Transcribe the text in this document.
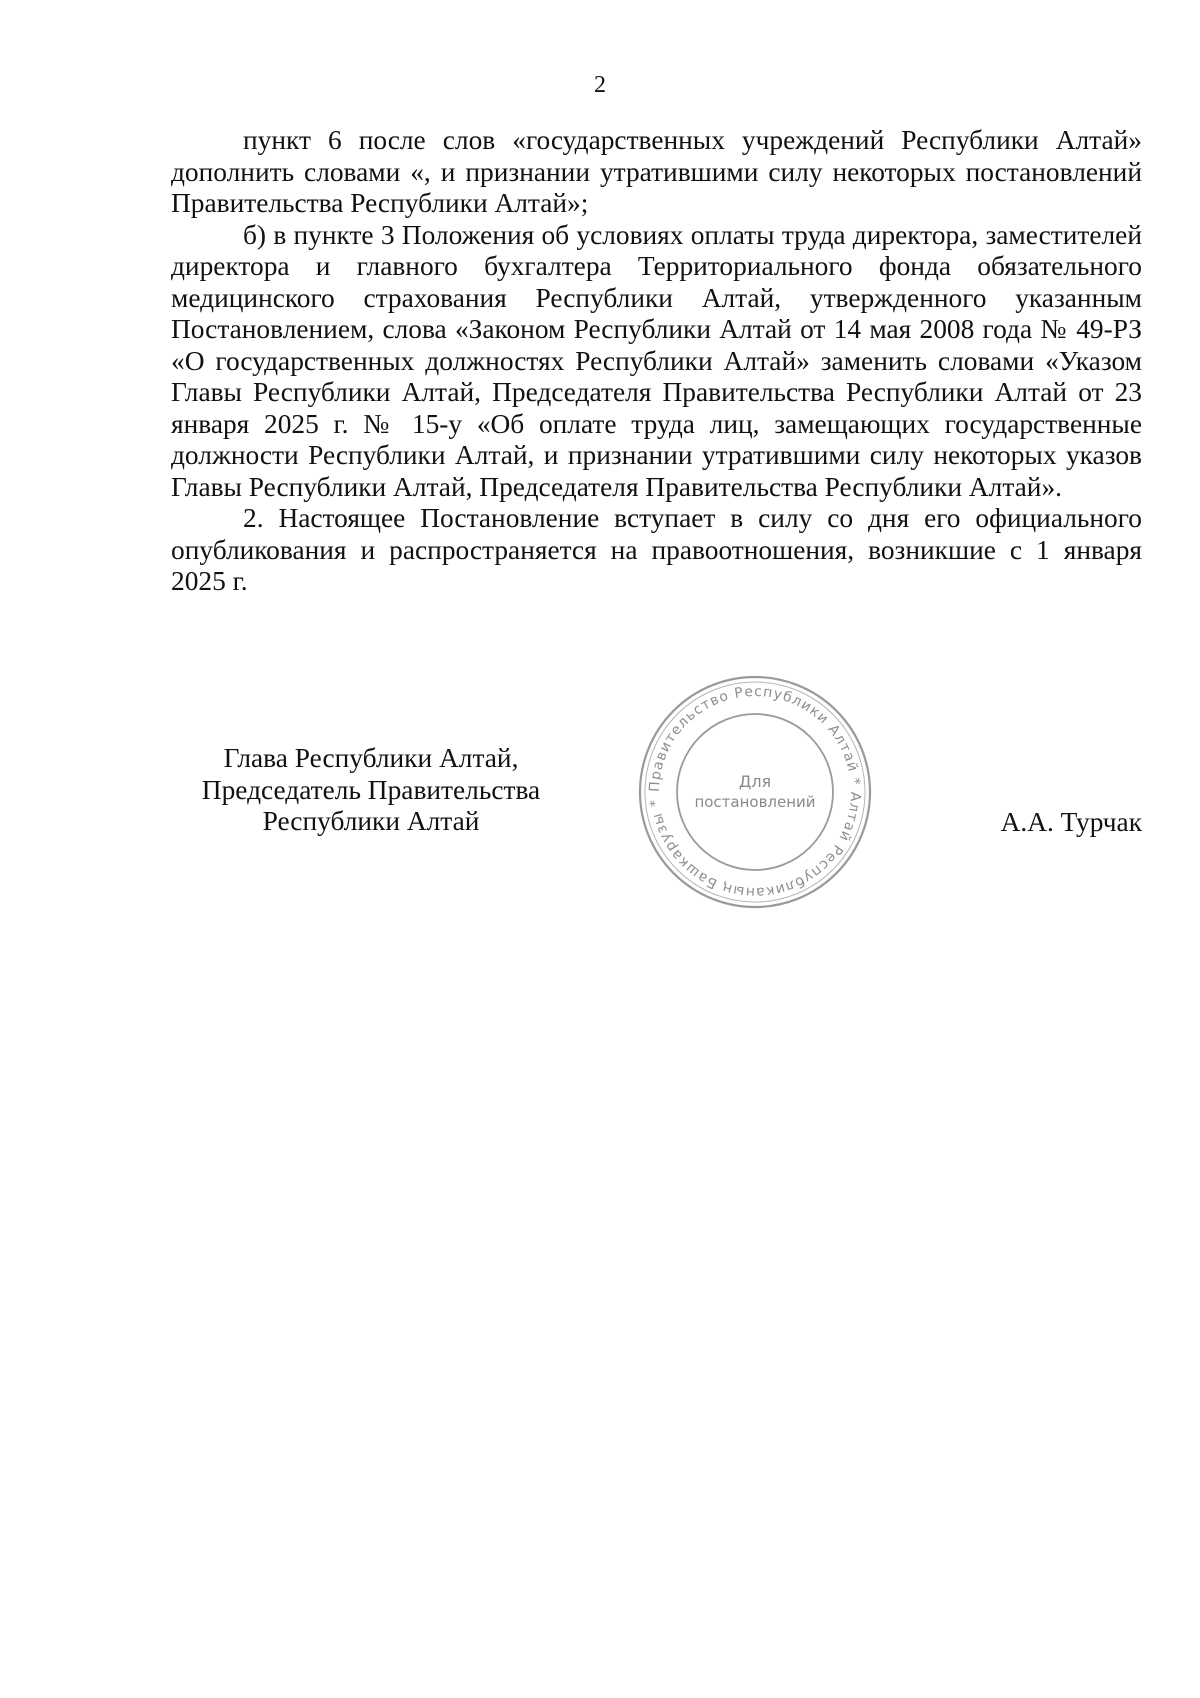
2

пункт 6 после слов «государственных учреждений Республики Алтай» дополнить словами «, и признании утратившими силу некоторых постановлений Правительства Республики Алтай»;

б) в пункте 3 Положения об условиях оплаты труда директора, заместителей директора и главного бухгалтера Территориального фонда обязательного медицинского страхования Республики Алтай, утвержденного указанным Постановлением, слова «Законом Республики Алтай от 14 мая 2008 года № 49-РЗ «О государственных должностях Республики Алтай» заменить словами «Указом Главы Республики Алтай, Председателя Правительства Республики Алтай от 23 января 2025 г. № 15-у «Об оплате труда лиц, замещающих государственные должности Республики Алтай, и признании утратившими силу некоторых указов Главы Республики Алтай, Председателя Правительства Республики Алтай».

2. Настоящее Постановление вступает в силу со дня его официального опубликования и распространяется на правоотношения, возникшие с 1 января 2025 г.

Глава Республики Алтай,
Председатель Правительства
Республики Алтай
Правительство Республики Алтай * Алтай Республиканың Башкарузы *
Для
постановлений
А.А. Турчак
